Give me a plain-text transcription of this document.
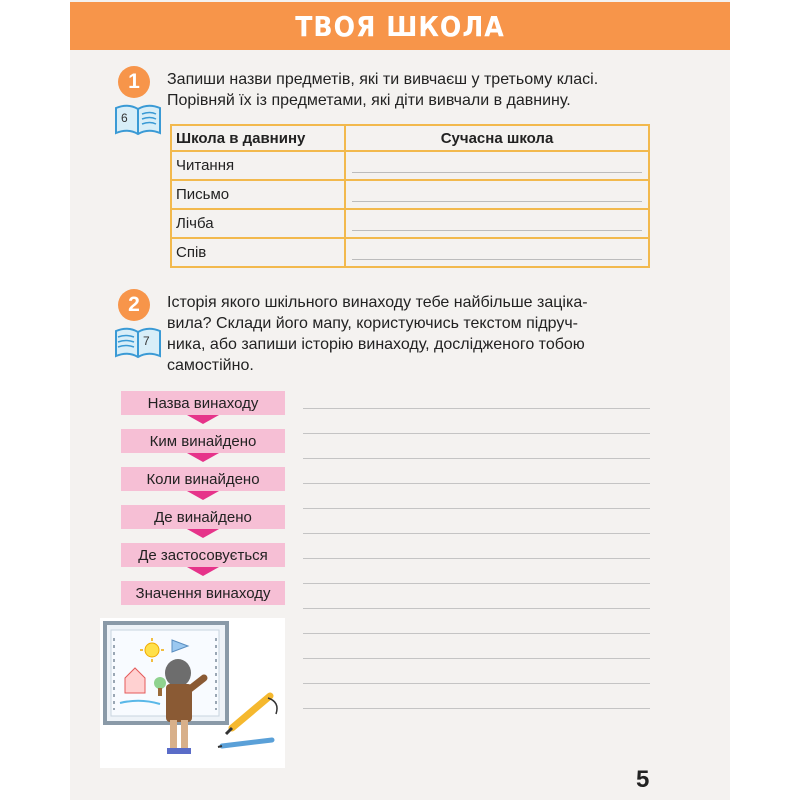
ТВОЯ ШКОЛА
1
6
Запиши назви предметів, які ти вивчаєш у третьому класі.
Порівняй їх із предметами, які діти вивчали в давнину.
Школа в давнину	Сучасна школа
Читання	

Письмо	

Лічба	

Спів	
2
7
Історія якого шкільного винаходу тебе найбільше заціка-
вила? Склади його мапу, користуючись текстом підруч-
ника, або запиши історію винаходу, дослідженого тобою
самостійно.
Назва винаходу
Ким винайдено
Коли винайдено
Де винайдено
Де застосовується
Значення винаходу
5
